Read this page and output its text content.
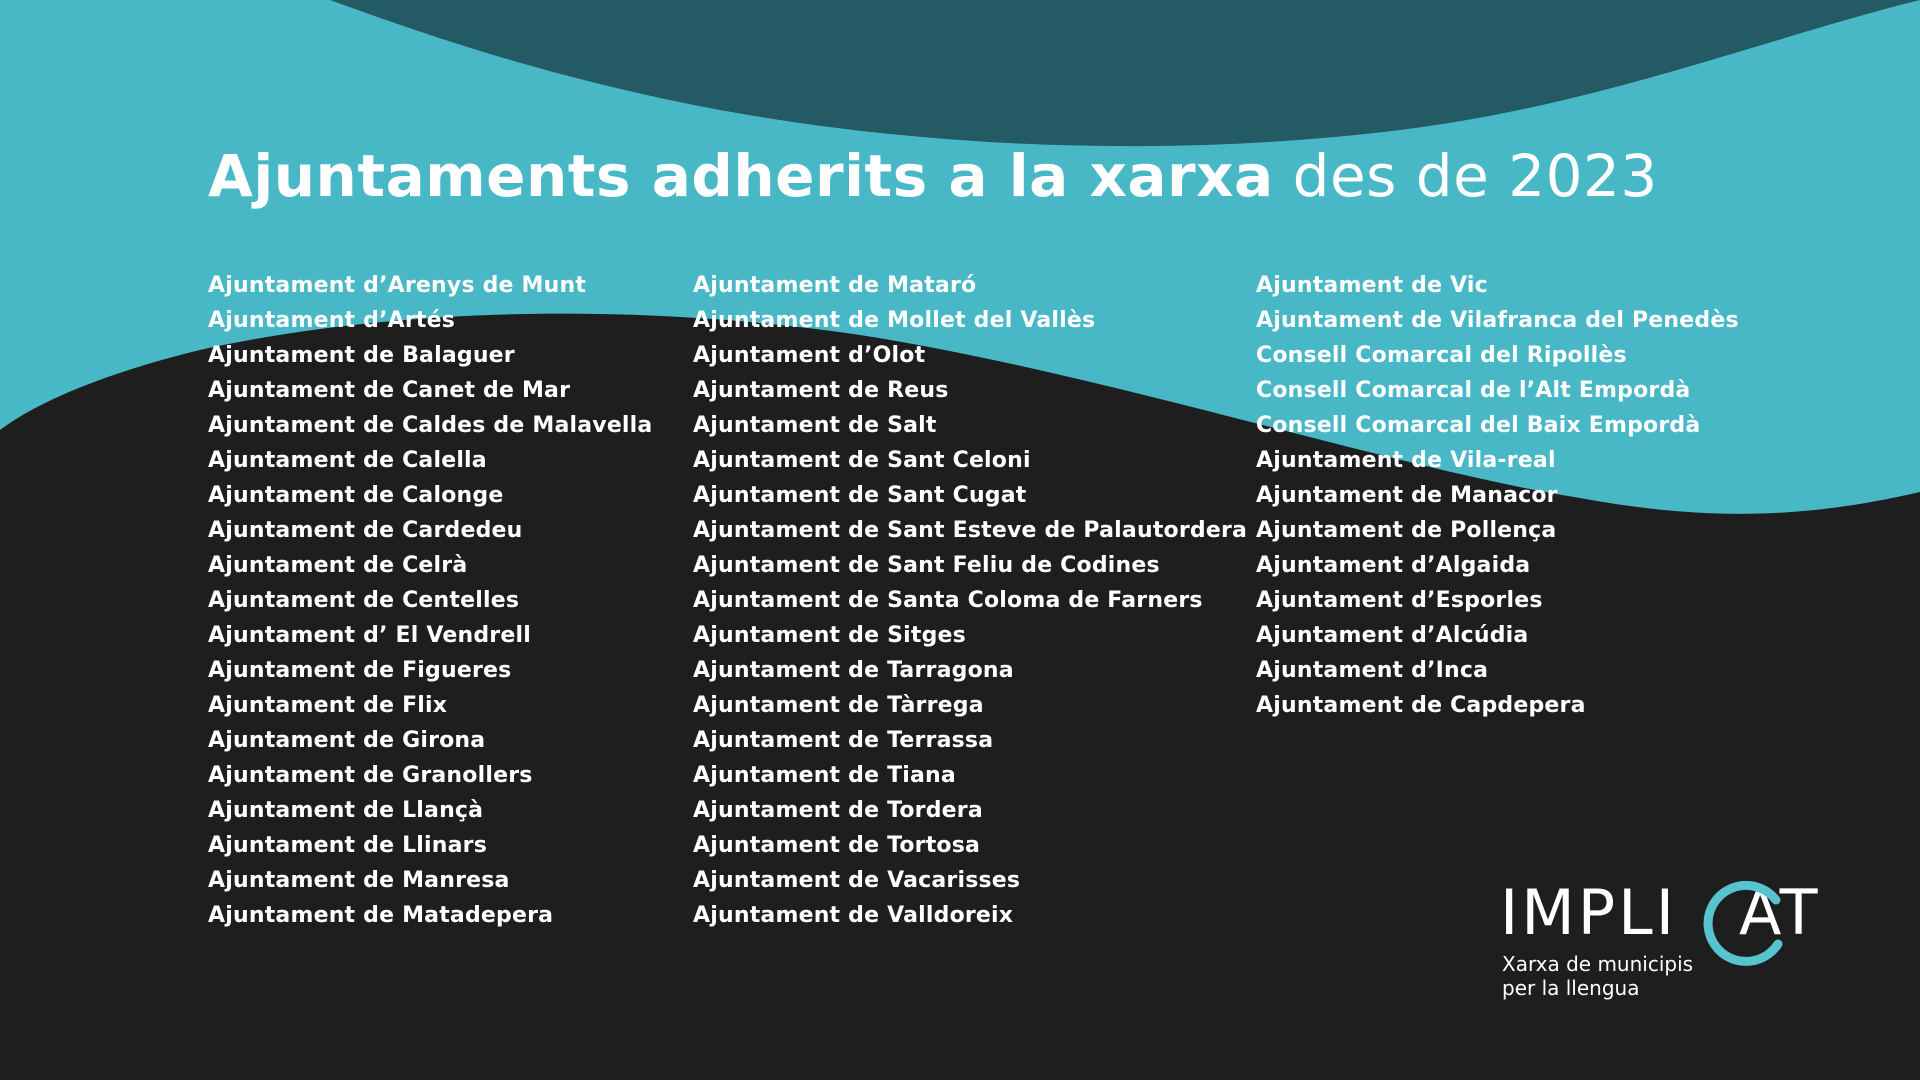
Ajuntaments adherits a la xarxa des de 2023
Ajuntament d’Arenys de Munt
Ajuntament d’Artés
Ajuntament de Balaguer
Ajuntament de Canet de Mar
Ajuntament de Caldes de Malavella
Ajuntament de Calella
Ajuntament de Calonge
Ajuntament de Cardedeu
Ajuntament de Celrà
Ajuntament de Centelles
Ajuntament d’ El Vendrell
Ajuntament de Figueres
Ajuntament de Flix
Ajuntament de Girona
Ajuntament de Granollers
Ajuntament de Llançà
Ajuntament de Llinars
Ajuntament de Manresa
Ajuntament de Matadepera
Ajuntament de Mataró
Ajuntament de Mollet del Vallès
Ajuntament d’Olot
Ajuntament de Reus
Ajuntament de Salt
Ajuntament de Sant Celoni
Ajuntament de Sant Cugat
Ajuntament de Sant Esteve de Palautordera
Ajuntament de Sant Feliu de Codines
Ajuntament de Santa Coloma de Farners
Ajuntament de Sitges
Ajuntament de Tarragona
Ajuntament de Tàrrega
Ajuntament de Terrassa
Ajuntament de Tiana
Ajuntament de Tordera
Ajuntament de Tortosa
Ajuntament de Vacarisses
Ajuntament de Valldoreix
Ajuntament de Vic
Ajuntament de Vilafranca del Penedès
Consell Comarcal del Ripollès
Consell Comarcal de l’Alt Empordà
Consell Comarcal del Baix Empordà
Ajuntament de Vila-real
Ajuntament de Manacor
Ajuntament de Pollença
Ajuntament d’Algaida
Ajuntament d’Esporles
Ajuntament d’Alcúdia
Ajuntament d’Inca
Ajuntament de Capdepera
IMPLI AT
Xarxa de municipis
per la llengua
